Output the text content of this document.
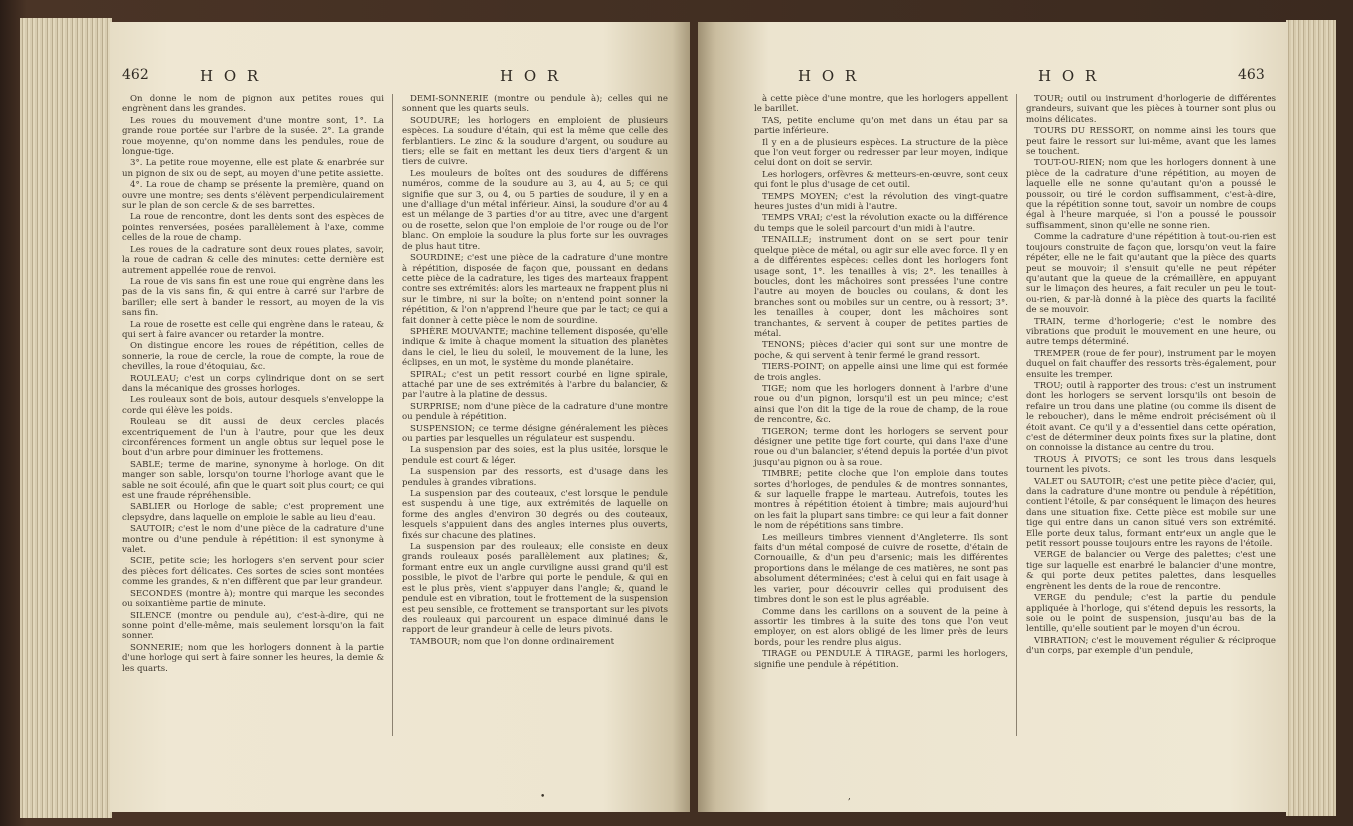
462	H O R	H O R

On donne le nom de pignon aux petites roues qui engrènent dans les grandes.

Les roues du mouvement d'une montre sont, 1°. La grande roue portée sur l'arbre de la susée. 2°. La grande roue moyenne, qu'on nomme dans les pendules, roue de longue-tige.

3°. La petite roue moyenne, elle est plate & enarbrée sur un pignon de six ou de sept, au moyen d'une petite assiette.

4°. La roue de champ se présente la première, quand on ouvre une montre; ses dents s'élèvent perpendiculairement sur le plan de son cercle & de ses barrettes.

La roue de rencontre, dont les dents sont des espèces de pointes renversées, posées parallèlement à l'axe, comme celles de la roue de champ.

Les roues de la cadrature sont deux roues plates, savoir, la roue de cadran & celle des minutes: cette dernière est autrement appellée roue de renvoi.

La roue de vis sans fin est une roue qui engrène dans les pas de la vis sans fin, & qui entre à carré sur l'arbre de bariller; elle sert à bander le ressort, au moyen de la vis sans fin.

La roue de rosette est celle qui engrène dans le rateau, & qui sert à faire avancer ou retarder la montre.

On distingue encore les roues de répétition, celles de sonnerie, la roue de cercle, la roue de compte, la roue de chevilles, la roue d'étoquiau, &c.

ROULEAU; c'est un corps cylindrique dont on se sert dans la mécanique des grosses horloges.

Les rouleaux sont de bois, autour desquels s'enveloppe la corde qui élève les poids.

Rouleau se dit aussi de deux cercles placés excentriquement de l'un à l'autre, pour que les deux circonférences forment un angle obtus sur lequel pose le bout d'un arbre pour diminuer les frottemens.

SABLE; terme de marine, synonyme à horloge. On dit manger son sable, lorsqu'on tourne l'horloge avant que le sable ne soit écoulé, afin que le quart soit plus court; ce qui est une fraude répréhensible.

SABLIER ou Horloge de sable; c'est proprement une clepsydre, dans laquelle on emploie le sable au lieu d'eau.

SAUTOIR; c'est le nom d'une pièce de la cadrature d'une montre ou d'une pendule à répétition: il est synonyme à valet.

SCIE, petite scie; les horlogers s'en servent pour scier des pièces fort délicates. Ces sortes de scies sont montées comme les grandes, & n'en diffèrent que par leur grandeur.

SECONDES (montre à); montre qui marque les secondes ou soixantième partie de minute.

SILENCE (montre ou pendule au), c'est-à-dire, qui ne sonne point d'elle-même, mais seulement lorsqu'on la fait sonner.

SONNERIE; nom que les horlogers donnent à la partie d'une horloge qui sert à faire sonner les heures, la demie & les quarts.

DEMI-SONNERIE (montre ou pendule à); celles qui ne sonnent que les quarts seuls.

SOUDURE; les horlogers en emploient de plusieurs espèces. La soudure d'étain, qui est la même que celle des ferblantiers. Le zinc & la soudure d'argent, ou soudure au tiers; elle se fait en mettant les deux tiers d'argent & un tiers de cuivre.

Les mouleurs de boîtes ont des soudures de différens numéros, comme de la soudure au 3, au 4, au 5; ce qui signifie que sur 3, ou 4, ou 5 parties de soudure, il y en a une d'alliage d'un métal inférieur. Ainsi, la soudure d'or au 4 est un mélange de 3 parties d'or au titre, avec une d'argent ou de rosette, selon que l'on emploie de l'or rouge ou de l'or blanc. On emploie la soudure la plus forte sur les ouvrages de plus haut titre.

SOURDINE; c'est une pièce de la cadrature d'une montre à répétition, disposée de façon que, poussant en dedans cette pièce de la cadrature, les tiges des marteaux frappent contre ses extrémités: alors les marteaux ne frappent plus ni sur le timbre, ni sur la boîte; on n'entend point sonner la répétition, & l'on n'apprend l'heure que par le tact; ce qui a fait donner à cette pièce le nom de sourdine.

SPHÈRE MOUVANTE; machine tellement disposée, qu'elle indique & imite à chaque moment la situation des planètes dans le ciel, le lieu du soleil, le mouvement de la lune, les éclipses, en un mot, le système du monde planétaire.

SPIRAL; c'est un petit ressort courbé en ligne spirale, attaché par une de ses extrémités à l'arbre du balancier, & par l'autre à la platine de dessus.

SURPRISE; nom d'une pièce de la cadrature d'une montre ou pendule à répétition.

SUSPENSION; ce terme désigne généralement les pièces ou parties par lesquelles un régulateur est suspendu.

La suspension par des soies, est la plus usitée, lorsque le pendule est court & léger.

La suspension par des ressorts, est d'usage dans les pendules à grandes vibrations.

La suspension par des couteaux, c'est lorsque le pendule est suspendu à une tige, aux extrémités de laquelle on forme des angles d'environ 30 degrés ou des couteaux, lesquels s'appuient dans des angles internes plus ouverts, fixés sur chacune des platines.

La suspension par des rouleaux; elle consiste en deux grands rouleaux posés parallèlement aux platines; &, formant entre eux un angle curviligne aussi grand qu'il est possible, le pivot de l'arbre qui porte le pendule, & qui en est le plus près, vient s'appuyer dans l'angle; &, quand le pendule est en vibration, tout le frottement de la suspension est peu sensible, ce frottement se transportant sur les pivots des rouleaux qui parcourent un espace diminué dans le rapport de leur grandeur à celle de leurs pivots.

TAMBOUR; nom que l'on donne ordinairement

•
H O R	H O R	463

à cette pièce d'une montre, que les horlogers appellent le barillet.

TAS, petite enclume qu'on met dans un étau par sa partie inférieure.

Il y en a de plusieurs espèces. La structure de la pièce que l'on veut forger ou redresser par leur moyen, indique celui dont on doit se servir.

Les horlogers, orfèvres & metteurs-en-œuvre, sont ceux qui font le plus d'usage de cet outil.

TEMPS MOYEN; c'est la révolution des vingt-quatre heures justes d'un midi à l'autre.

TEMPS VRAI; c'est la révolution exacte ou la différence du temps que le soleil parcourt d'un midi à l'autre.

TENAILLE; instrument dont on se sert pour tenir quelque pièce de métal, ou agir sur elle avec force. Il y en a de différentes espèces: celles dont les horlogers font usage sont, 1°. les tenailles à vis; 2°. les tenailles à boucles, dont les mâchoires sont pressées l'une contre l'autre au moyen de boucles ou coulans, & dont les branches sont ou mobiles sur un centre, ou à ressort; 3°. les tenailles à couper, dont les mâchoires sont tranchantes, & servent à couper de petites parties de métal.

TENONS; pièces d'acier qui sont sur une montre de poche, & qui servent à tenir fermé le grand ressort.

TIERS-POINT; on appelle ainsi une lime qui est formée de trois angles.

TIGE; nom que les horlogers donnent à l'arbre d'une roue ou d'un pignon, lorsqu'il est un peu mince; c'est ainsi que l'on dit la tige de la roue de champ, de la roue de rencontre, &c.

TIGERON; terme dont les horlogers se servent pour désigner une petite tige fort courte, qui dans l'axe d'une roue ou d'un balancier, s'étend depuis la portée d'un pivot jusqu'au pignon ou à sa roue.

TIMBRE; petite cloche que l'on emploie dans toutes sortes d'horloges, de pendules & de montres sonnantes, & sur laquelle frappe le marteau. Autrefois, toutes les montres à répétition étoient à timbre; mais aujourd'hui on les fait la plupart sans timbre: ce qui leur a fait donner le nom de répétitions sans timbre.

Les meilleurs timbres viennent d'Angleterre. Ils sont faits d'un métal composé de cuivre de rosette, d'étain de Cornouaille, & d'un peu d'arsenic; mais les différentes proportions dans le mélange de ces matières, ne sont pas absolument déterminées; c'est à celui qui en fait usage à les varier, pour découvrir celles qui produisent des timbres dont le son est le plus agréable.

Comme dans les carillons on a souvent de la peine à assortir les timbres à la suite des tons que l'on veut employer, on est alors obligé de les limer près de leurs bords, pour les rendre plus aigus.

TIRAGE ou PENDULE À TIRAGE, parmi les horlogers, signifie une pendule à répétition.

TOUR; outil ou instrument d'horlogerie de différentes grandeurs, suivant que les pièces à tourner sont plus ou moins délicates.

TOURS DU RESSORT, on nomme ainsi les tours que peut faire le ressort sur lui-même, avant que les lames se touchent.

TOUT-OU-RIEN; nom que les horlogers donnent à une pièce de la cadrature d'une répétition, au moyen de laquelle elle ne sonne qu'autant qu'on a poussé le poussoir, ou tiré le cordon suffisamment, c'est-à-dire, que la répétition sonne tout, savoir un nombre de coups égal à l'heure marquée, si l'on a poussé le poussoir suffisamment, sinon qu'elle ne sonne rien.

Comme la cadrature d'une répétition à tout-ou-rien est toujours construite de façon que, lorsqu'on veut la faire répéter, elle ne le fait qu'autant que la pièce des quarts peut se mouvoir; il s'ensuit qu'elle ne peut répéter qu'autant que la queue de la crémaillère, en appuyant sur le limaçon des heures, a fait reculer un peu le tout-ou-rien, & par-là donné à la pièce des quarts la facilité de se mouvoir.

TRAIN, terme d'horlogerie; c'est le nombre des vibrations que produit le mouvement en une heure, ou autre temps déterminé.

TREMPER (roue de fer pour), instrument par le moyen duquel on fait chauffer des ressorts très-également, pour ensuite les tremper.

TROU; outil à rapporter des trous: c'est un instrument dont les horlogers se servent lorsqu'ils ont besoin de refaire un trou dans une platine (ou comme ils disent de le reboucher), dans le même endroit précisément où il étoit avant. Ce qu'il y a d'essentiel dans cette opération, c'est de déterminer deux points fixes sur la platine, dont on connoisse la distance au centre du trou.

TROUS À PIVOTS; ce sont les trous dans lesquels tournent les pivots.

VALET ou SAUTOIR; c'est une petite pièce d'acier, qui, dans la cadrature d'une montre ou pendule à répétition, contient l'étoile, & par conséquent le limaçon des heures dans une situation fixe. Cette pièce est mobile sur une tige qui entre dans un canon situé vers son extrémité. Elle porte deux talus, formant entr'eux un angle que le petit ressort pousse toujours entre les rayons de l'étoile.

VERGE de balancier ou Verge des palettes; c'est une tige sur laquelle est enarbré le balancier d'une montre, & qui porte deux petites palettes, dans lesquelles engrènent les dents de la roue de rencontre.

VERGE du pendule; c'est la partie du pendule appliquée à l'horloge, qui s'étend depuis les ressorts, la soie ou le point de suspension, jusqu'au bas de la lentille, qu'elle soutient par le moyen d'un écrou.

VIBRATION; c'est le mouvement régulier & réciproque d'un corps, par exemple d'un pendule,

,
